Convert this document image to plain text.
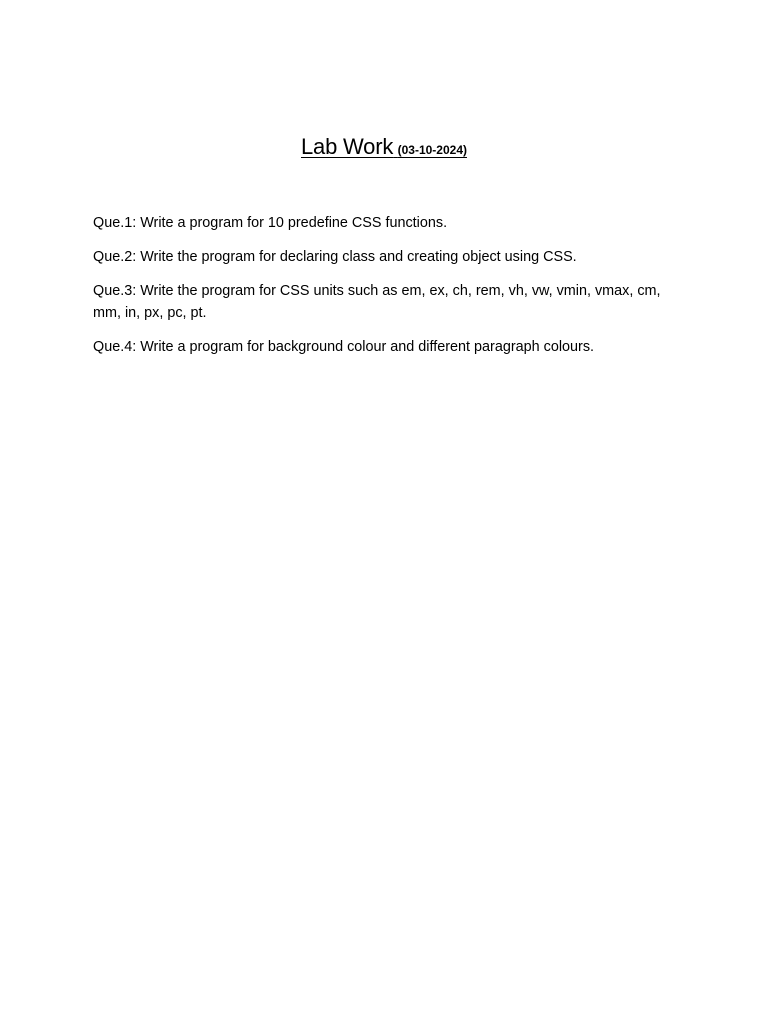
Lab Work (03-10-2024)

Que.1: Write a program for 10 predefine CSS functions.

Que.2: Write the program for declaring class and creating object using CSS.

Que.3: Write the program for CSS units such as em, ex, ch, rem, vh, vw, vmin, vmax, cm, mm, in, px, pc, pt.

Que.4: Write a program for background colour and different paragraph colours.
